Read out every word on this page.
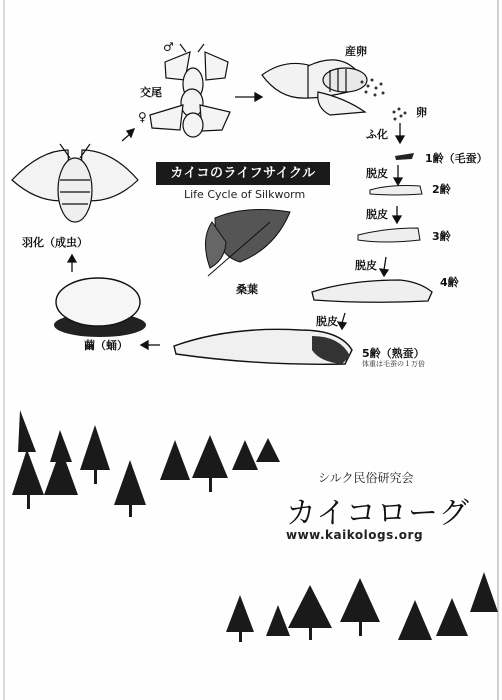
♂
交尾
♀
産卵
卵
ふ化
1齢（毛蚕）
脱皮
2齢
脱皮
3齢
脱皮
4齢
脱皮
5齢（熟蚕）
体重は毛蚕の１万倍
繭（蛹）
羽化（成虫）
桑葉
カイコのライフサイクル
Life Cycle of Silkworm
シルク民俗研究会
カイコローグ
www.kaikologs.org
